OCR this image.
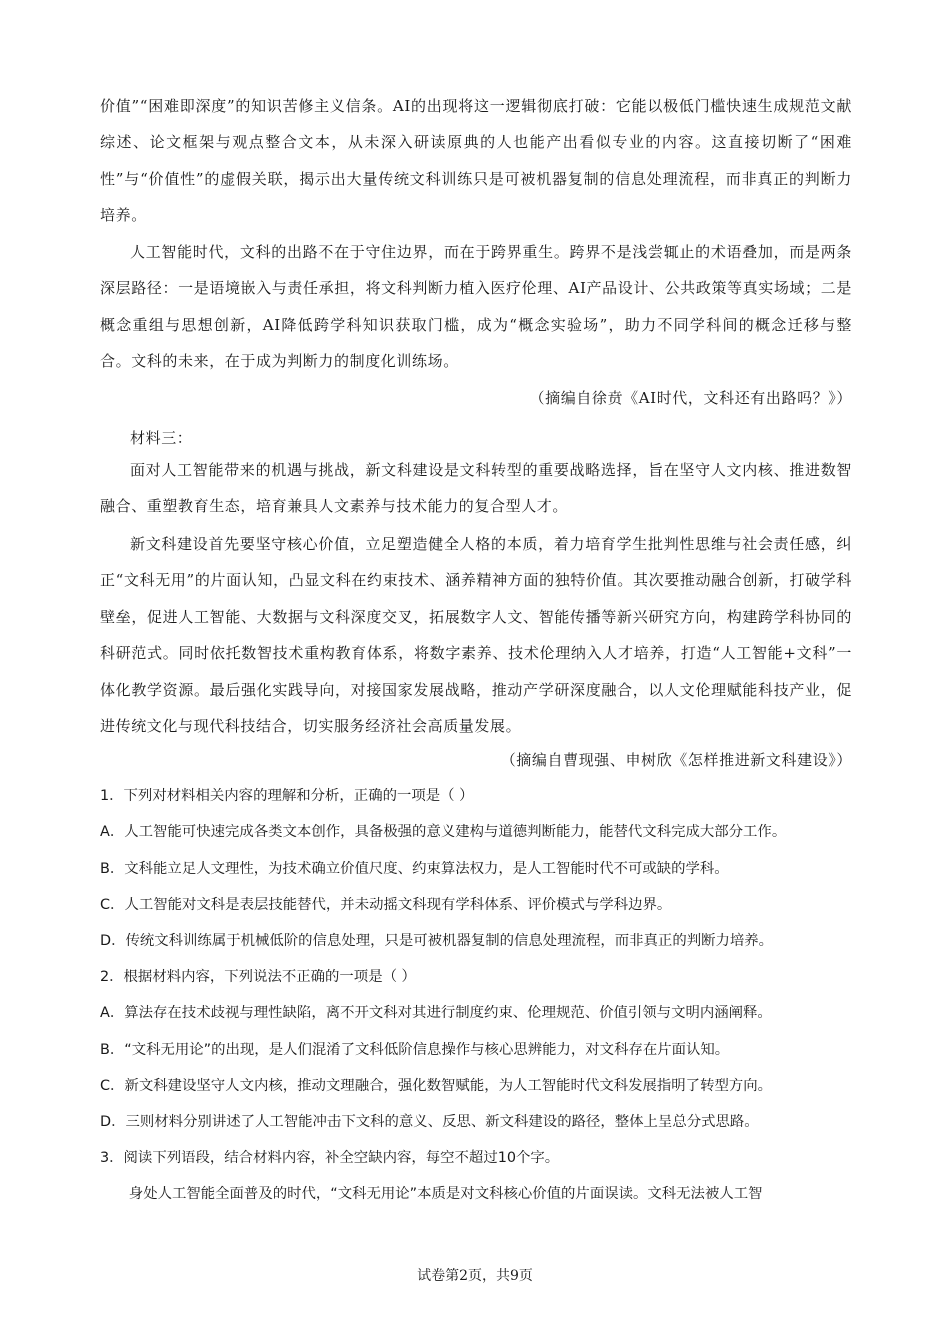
价值”“困难即深度”的知识苦修主义信条。AI的出现将这一逻辑彻底打破：它能以极低门槛快速生成规范文献综述、论文框架与观点整合文本，从未深入研读原典的人也能产出看似专业的内容。这直接切断了“困难性”与“价值性”的虚假关联，揭示出大量传统文科训练只是可被机器复制的信息处理流程，而非真正的判断力培养。

人工智能时代，文科的出路不在于守住边界，而在于跨界重生。跨界不是浅尝辄止的术语叠加，而是两条深层路径：一是语境嵌入与责任承担，将文科判断力植入医疗伦理、AI产品设计、公共政策等真实场域；二是概念重组与思想创新，AI降低跨学科知识获取门槛，成为“概念实验场”，助力不同学科间的概念迁移与整合。文科的未来，在于成为判断力的制度化训练场。

（摘编自徐贲《AI时代，文科还有出路吗？》）

材料三：

面对人工智能带来的机遇与挑战，新文科建设是文科转型的重要战略选择，旨在坚守人文内核、推进数智融合、重塑教育生态，培育兼具人文素养与技术能力的复合型人才。

新文科建设首先要坚守核心价值，立足塑造健全人格的本质，着力培育学生批判性思维与社会责任感，纠正“文科无用”的片面认知，凸显文科在约束技术、涵养精神方面的独特价值。其次要推动融合创新，打破学科壁垒，促进人工智能、大数据与文科深度交叉，拓展数字人文、智能传播等新兴研究方向，构建跨学科协同的科研范式。同时依托数智技术重构教育体系，将数字素养、技术伦理纳入人才培养，打造“人工智能+文科”一体化教学资源。最后强化实践导向，对接国家发展战略，推动产学研深度融合，以人文伦理赋能科技产业，促进传统文化与现代科技结合，切实服务经济社会高质量发展。

（摘编自曹现强、申树欣《怎样推进新文科建设》）

1．下列对材料相关内容的理解和分析，正确的一项是（ ）

A．人工智能可快速完成各类文本创作，具备极强的意义建构与道德判断能力，能替代文科完成大部分工作。

B．文科能立足人文理性，为技术确立价值尺度、约束算法权力，是人工智能时代不可或缺的学科。

C．人工智能对文科是表层技能替代，并未动摇文科现有学科体系、评价模式与学科边界。

D．传统文科训练属于机械低阶的信息处理，只是可被机器复制的信息处理流程，而非真正的判断力培养。

2．根据材料内容，下列说法不正确的一项是（ ）

A．算法存在技术歧视与理性缺陷，离不开文科对其进行制度约束、伦理规范、价值引领与文明内涵阐释。

B．“文科无用论”的出现，是人们混淆了文科低阶信息操作与核心思辨能力，对文科存在片面认知。

C．新文科建设坚守人文内核，推动文理融合，强化数智赋能，为人工智能时代文科发展指明了转型方向。

D．三则材料分别讲述了人工智能冲击下文科的意义、反思、新文科建设的路径，整体上呈总分式思路。

3．阅读下列语段，结合材料内容，补全空缺内容，每空不超过10个字。

身处人工智能全面普及的时代，“文科无用论”本质是对文科核心价值的片面误读。文科无法被人工智

试卷第2页，共9页
